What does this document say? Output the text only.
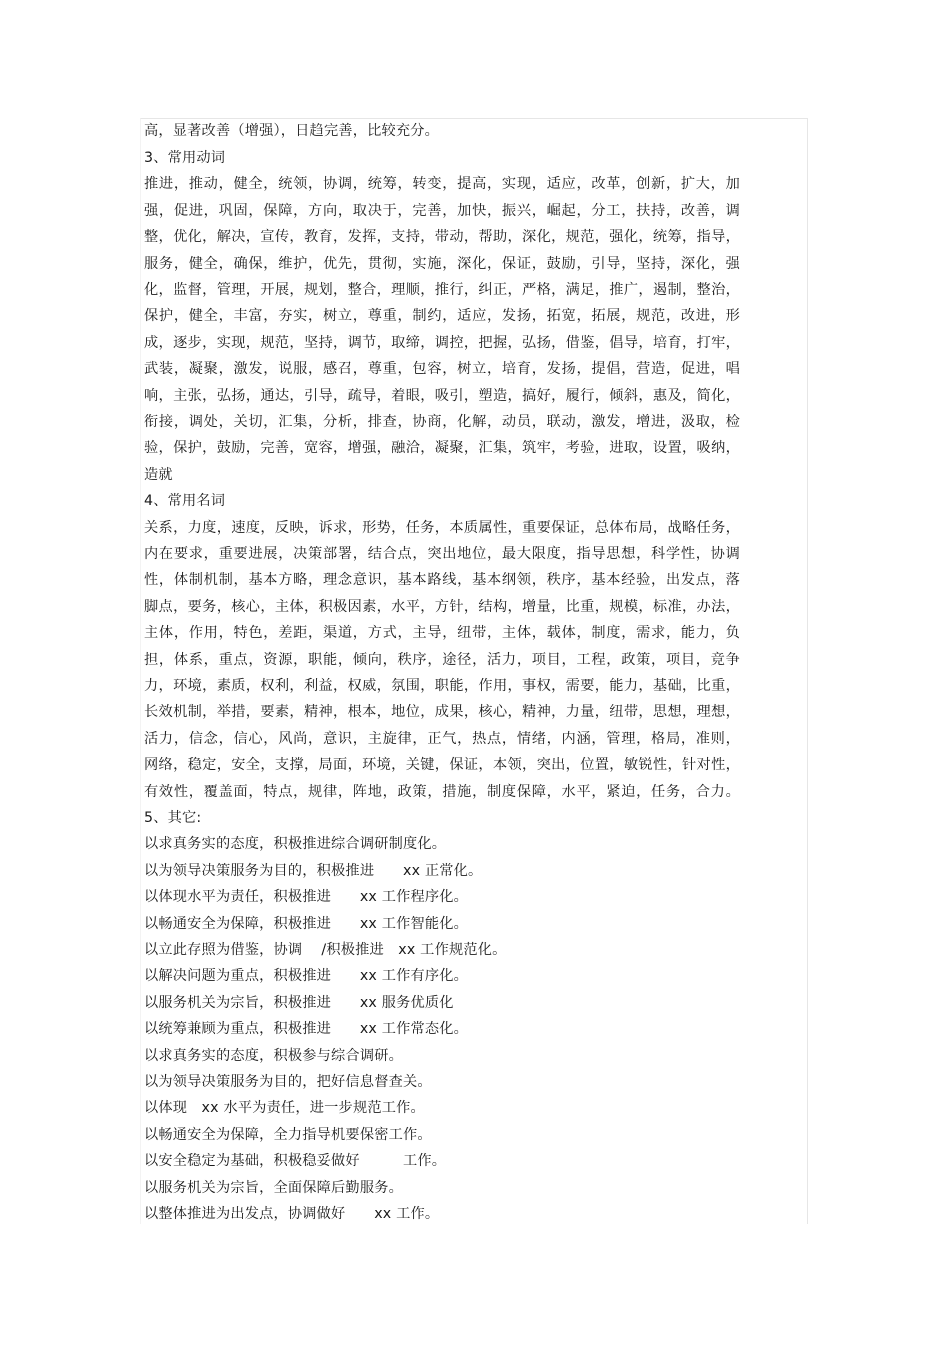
高，显著改善（增强），日趋完善，比较充分。
3、常用动词
推进，推动，健全，统领，协调，统筹，转变，提高，实现，适应，改革，创新，扩大，加
强，促进，巩固，保障，方向，取决于，完善，加快，振兴，崛起，分工，扶持，改善，调
整，优化，解决，宣传，教育，发挥，支持，带动，帮助，深化，规范，强化，统筹，指导，
服务，健全，确保，维护，优先，贯彻，实施，深化，保证，鼓励，引导，坚持，深化，强
化，监督，管理，开展，规划，整合，理顺，推行，纠正，严格，满足，推广，遏制，整治，
保护，健全，丰富，夯实，树立，尊重，制约，适应，发扬，拓宽，拓展，规范，改进，形
成，逐步，实现，规范，坚持，调节，取缔，调控，把握，弘扬，借鉴，倡导，培育，打牢，
武装，凝聚，激发，说服，感召，尊重，包容，树立，培育，发扬，提倡，营造，促进，唱
响，主张，弘扬，通达，引导，疏导，着眼，吸引，塑造，搞好，履行，倾斜，惠及，简化，
衔接，调处，关切，汇集，分析，排查，协商，化解，动员，联动，激发，增进，汲取，检
验，保护，鼓励，完善，宽容，增强，融洽，凝聚，汇集，筑牢，考验，进取，设置，吸纳，
造就
4、常用名词
关系，力度，速度，反映，诉求，形势，任务，本质属性，重要保证，总体布局，战略任务，
内在要求，重要进展，决策部署，结合点，突出地位，最大限度，指导思想，科学性，协调
性，体制机制，基本方略，理念意识，基本路线，基本纲领，秩序，基本经验，出发点，落
脚点，要务，核心，主体，积极因素，水平，方针，结构，增量，比重，规模，标准，办法，
主体，作用，特色，差距，渠道，方式，主导，纽带，主体，载体，制度，需求，能力，负
担，体系，重点，资源，职能，倾向，秩序，途径，活力，项目，工程，政策，项目，竞争
力，环境，素质，权利，利益，权威，氛围，职能，作用，事权，需要，能力，基础，比重，
长效机制，举措，要素，精神，根本，地位，成果，核心，精神，力量，纽带，思想，理想，
活力，信念，信心，风尚，意识，主旋律，正气，热点，情绪，内涵，管理，格局，准则，
网络，稳定，安全，支撑，局面，环境，关键，保证，本领，突出，位置，敏锐性，针对性，
有效性，覆盖面，特点，规律，阵地，政策，措施，制度保障，水平，紧迫，任务，合力。
5、其它:
以求真务实的态度，积极推进综合调研制度化。
以为领导决策服务为目的，积极推进　　xx 正常化。
以体现水平为责任，积极推进　　xx 工作程序化。
以畅通安全为保障，积极推进　　xx 工作智能化。
以立此存照为借鉴，协调　 /积极推进　xx 工作规范化。
以解决问题为重点，积极推进　　xx 工作有序化。
以服务机关为宗旨，积极推进　　xx 服务优质化
以统筹兼顾为重点，积极推进　　xx 工作常态化。
以求真务实的态度，积极参与综合调研。
以为领导决策服务为目的，把好信息督查关。
以体现　xx 水平为责任，进一步规范工作。
以畅通安全为保障，全力指导机要保密工作。
以安全稳定为基础，积极稳妥做好　　　工作。
以服务机关为宗旨，全面保障后勤服务。
以整体推进为出发点，协调做好　　xx 工作。
